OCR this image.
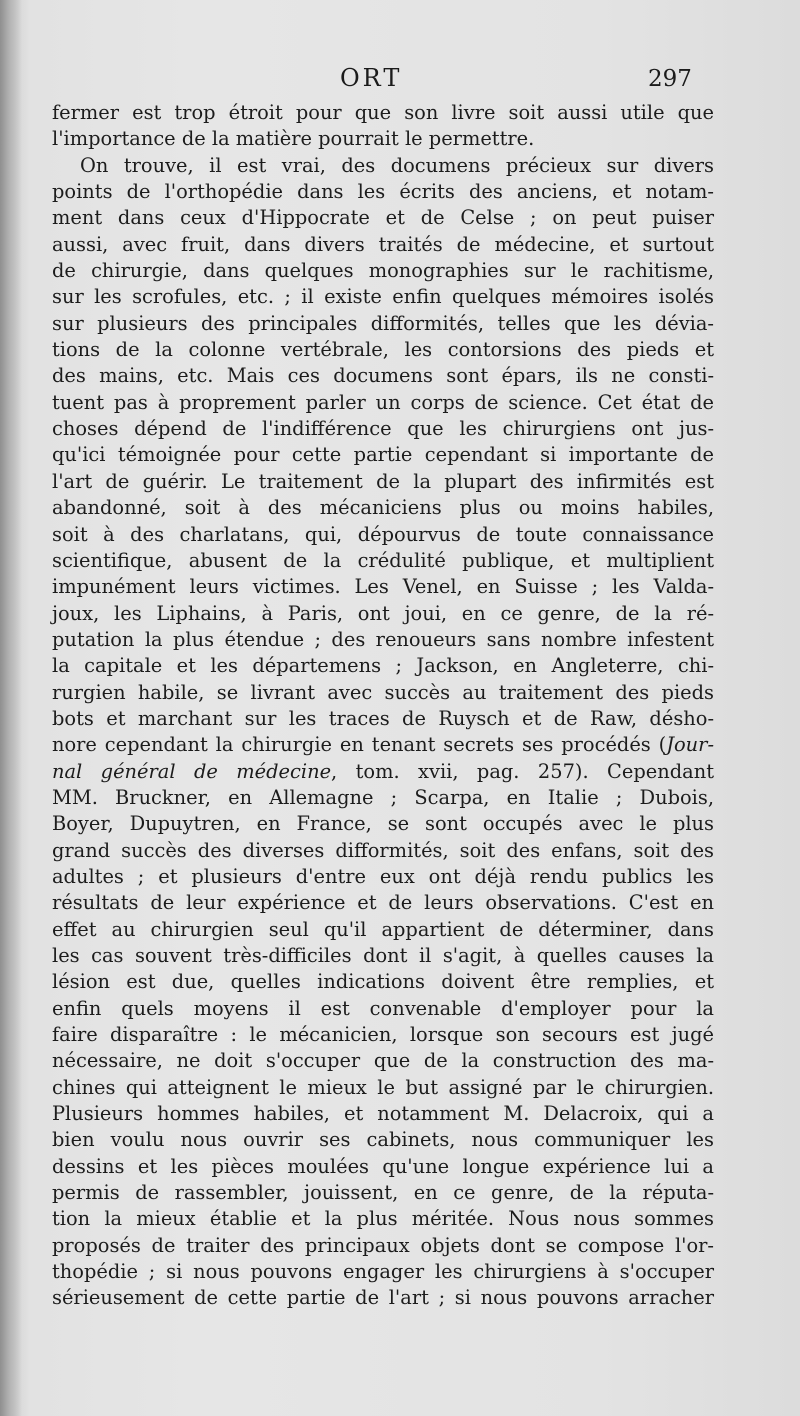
ORT	297
fermer est trop étroit pour que son livre soit aussi utile que
l'importance de la matière pourrait le permettre.
On trouve, il est vrai, des documens précieux sur divers
points de l'orthopédie dans les écrits des anciens, et notam-
ment dans ceux d'Hippocrate et de Celse ; on peut puiser
aussi, avec fruit, dans divers traités de médecine, et surtout
de chirurgie, dans quelques monographies sur le rachitisme,
sur les scrofules, etc. ; il existe enfin quelques mémoires isolés
sur plusieurs des principales difformités, telles que les dévia-
tions de la colonne vertébrale, les contorsions des pieds et
des mains, etc. Mais ces documens sont épars, ils ne consti-
tuent pas à proprement parler un corps de science. Cet état de
choses dépend de l'indifférence que les chirurgiens ont jus-
qu'ici témoignée pour cette partie cependant si importante de
l'art de guérir. Le traitement de la plupart des infirmités est
abandonné, soit à des mécaniciens plus ou moins habiles,
soit à des charlatans, qui, dépourvus de toute connaissance
scientifique, abusent de la crédulité publique, et multiplient
impunément leurs victimes. Les Venel, en Suisse ; les Valda-
joux, les Liphains, à Paris, ont joui, en ce genre, de la ré-
putation la plus étendue ; des renoueurs sans nombre infestent
la capitale et les départemens ; Jackson, en Angleterre, chi-
rurgien habile, se livrant avec succès au traitement des pieds
bots et marchant sur les traces de Ruysch et de Raw, désho-
nore cependant la chirurgie en tenant secrets ses procédés (Jour-
nal général de médecine, tom. xvii, pag. 257). Cependant
MM. Bruckner, en Allemagne ; Scarpa, en Italie ; Dubois,
Boyer, Dupuytren, en France, se sont occupés avec le plus
grand succès des diverses difformités, soit des enfans, soit des
adultes ; et plusieurs d'entre eux ont déjà rendu publics les
résultats de leur expérience et de leurs observations. C'est en
effet au chirurgien seul qu'il appartient de déterminer, dans
les cas souvent très-difficiles dont il s'agit, à quelles causes la
lésion est due, quelles indications doivent être remplies, et
enfin quels moyens il est convenable d'employer pour la
faire disparaître : le mécanicien, lorsque son secours est jugé
nécessaire, ne doit s'occuper que de la construction des ma-
chines qui atteignent le mieux le but assigné par le chirurgien.
Plusieurs hommes habiles, et notamment M. Delacroix, qui a
bien voulu nous ouvrir ses cabinets, nous communiquer les
dessins et les pièces moulées qu'une longue expérience lui a
permis de rassembler, jouissent, en ce genre, de la réputa-
tion la mieux établie et la plus méritée. Nous nous sommes
proposés de traiter des principaux objets dont se compose l'or-
thopédie ; si nous pouvons engager les chirurgiens à s'occuper
sérieusement de cette partie de l'art ; si nous pouvons arracher
